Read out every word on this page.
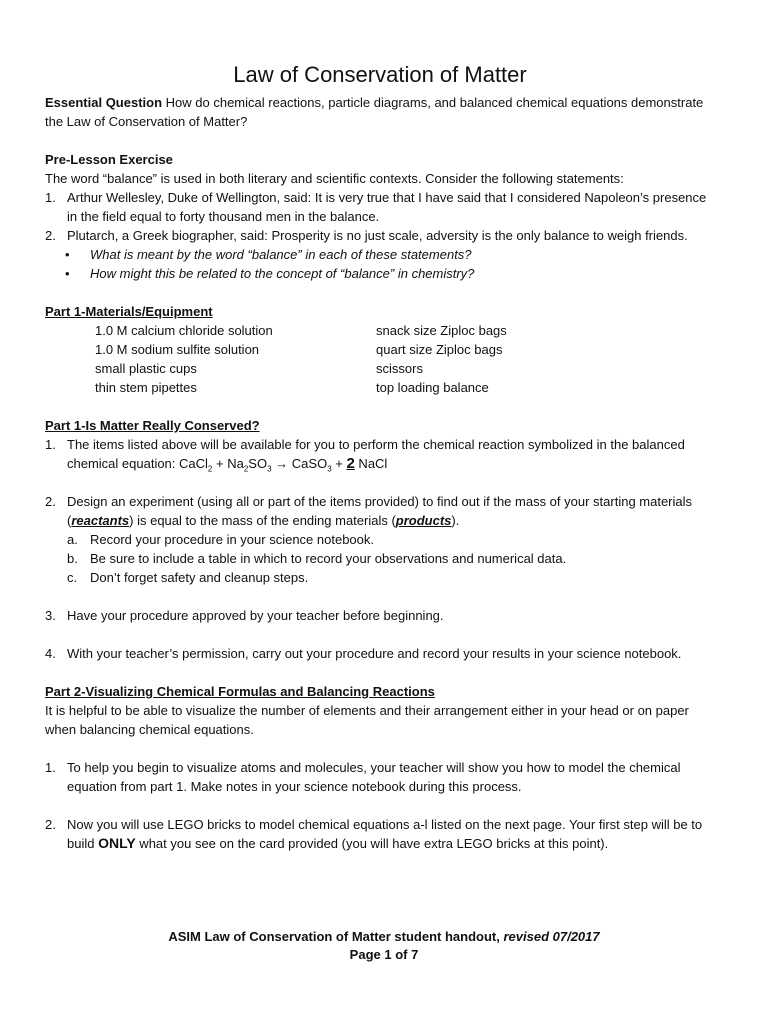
Law of Conservation of Matter

Essential Question How do chemical reactions, particle diagrams, and balanced chemical equations demonstrate the Law of Conservation of Matter?

Pre-Lesson Exercise

The word “balance” is used in both literary and scientific contexts. Consider the following statements:

1. Arthur Wellesley, Duke of Wellington, said: It is very true that I have said that I considered Napoleon’s presence in the field equal to forty thousand men in the balance.
2. Plutarch, a Greek biographer, said: Prosperity is no just scale, adversity is the only balance to weigh friends.
• What is meant by the word “balance” in each of these statements?
• How might this be related to the concept of “balance” in chemistry?
Part 1-Materials/Equipment
1.0 M calcium chloride solution	snack size Ziploc bags
1.0 M sodium sulfite solution	quart size Ziploc bags
small plastic cups	scissors
thin stem pipettes	top loading balance
Part 1-Is Matter Really Conserved?
1. The items listed above will be available for you to perform the chemical reaction symbolized in the balanced chemical equation: CaCl$_2$ + $Na_2SO_3$ → CaSO$_3$ + 2 NaCl
2. Design an experiment (using all or part of the items provided) to find out if the mass of your starting materials (reactants) is equal to the mass of the ending materials (products).
a. Record your procedure in your science notebook.
b. Be sure to include a table in which to record your observations and numerical data.
c. Don’t forget safety and cleanup steps.
3. Have your procedure approved by your teacher before beginning.
4. With your teacher’s permission, carry out your procedure and record your results in your science notebook.
Part 2-Visualizing Chemical Formulas and Balancing Reactions

It is helpful to be able to visualize the number of elements and their arrangement either in your head or on paper when balancing chemical equations.

1. To help you begin to visualize atoms and molecules, your teacher will show you how to model the chemical equation from part 1. Make notes in your science notebook during this process.
2. Now you will use LEGO bricks to model chemical equations a-l listed on the next page. Your first step will be to build ONLY what you see on the card provided (you will have extra LEGO bricks at this point).
ASIM Law of Conservation of Matter student handout, revised 07/2017
Page 1 of 7
